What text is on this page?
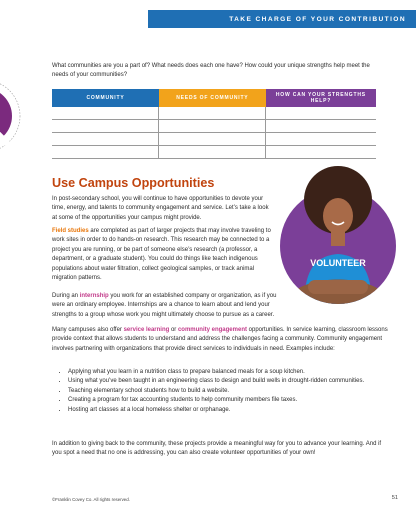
TAKE CHARGE OF YOUR CONTRIBUTION

What communities are you a part of? What needs does each one have? How could your unique strengths help meet the needs of your communities?

COMMUNITY	NEEDS OF COMMUNITY	HOW CAN YOUR STRENGTHS HELP?

Use Campus Opportunities

In post-secondary school, you will continue to have opportunities to devote your time, energy, and talents to community engagement and service. Let’s take a look at some of the opportunities your campus might provide.

Field studies are completed as part of larger projects that may involve traveling to work sites in order to do hands-on research. This research may be connected to a project you are running, or be part of someone else’s research (a professor, a department, or a graduate student). You could do things like teach indigenous populations about water filtration, collect geological samples, or track animal migration patterns.

During an internship you work for an established company or organization, as if you were an ordinary employee. Internships are a chance to learn about and lend your strengths to a group whose work you might ultimately choose to pursue as a career.

Many campuses also offer service learning or community engagement opportunities. In service learning, classroom lessons provide context that allows students to understand and address the challenges facing a community. Community engagement involves partnering with organizations that provide direct services to individuals in need. Examples include:

• Applying what you learn in a nutrition class to prepare balanced meals for a soup kitchen.
• Using what you’ve been taught in an engineering class to design and build wells in drought-ridden communities.
• Teaching elementary school students how to build a website.
• Creating a program for tax accounting students to help community members file taxes.
• Hosting art classes at a local homeless shelter or orphanage.

In addition to giving back to the community, these projects provide a meaningful way for you to advance your learning. And if you spot a need that no one is addressing, you can also create volunteer opportunities of your own!

VOLUNTEER
©Franklin Covey Co. All rights reserved.	51
